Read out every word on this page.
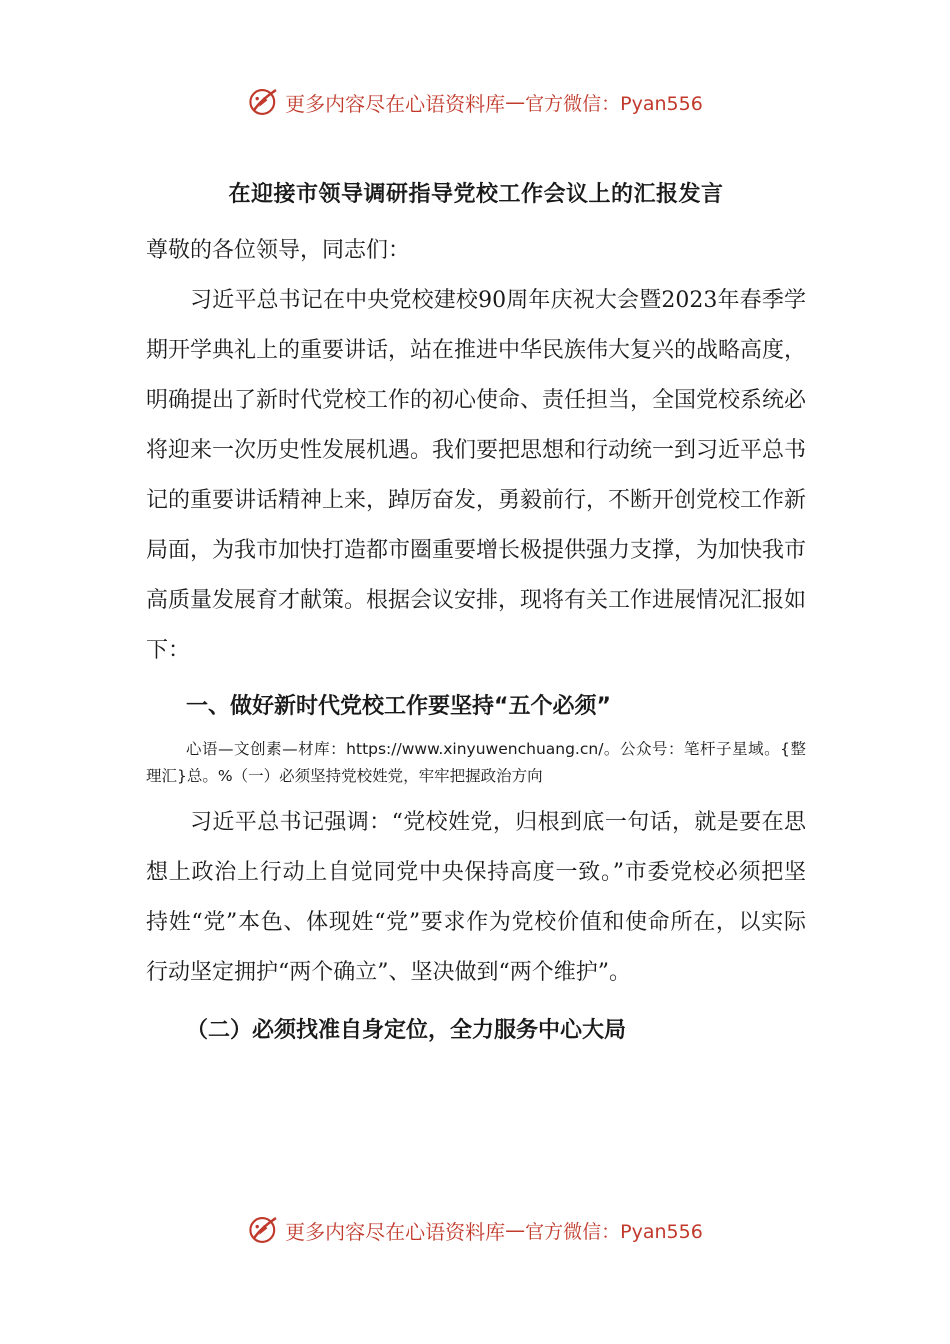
更多内容尽在心语资料库 — 官方微信：Pyan556
在迎接市领导调研指导党校工作会议上的汇报发言

尊敬的各位领导，同志们：

习近平总书记在中央党校建校90周年庆祝大会暨2023年春季学期开学典礼上的重要讲话，站在推进中华民族伟大复兴的战略高度，明确提出了新时代党校工作的初心使命、责任担当，全国党校系统必将迎来一次历史性发展机遇。我们要把思想和行动统一到习近平总书记的重要讲话精神上来，踔厉奋发，勇毅前行，不断开创党校工作新局面，为我市加快打造都市圈重要增长极提供强力支撑，为加快我市高质量发展育才献策。根据会议安排，现将有关工作进展情况汇报如下：

一、做好新时代党校工作要坚持“五个必须”

心语—文创素—材库：https://www.xinyuwenchuang.cn/。公众号：笔杆子星域。{整理汇}总。%（一）必须坚持党校姓党，牢牢把握政治方向

习近平总书记强调：“党校姓党，归根到底一句话，就是要在思想上政治上行动上自觉同党中央保持高度一致。”市委党校必须把坚持姓“党”本色、体现姓“党”要求作为党校价值和使命所在，以实际行动坚定拥护“两个确立”、坚决做到“两个维护”。

（二）必须找准自身定位，全力服务中心大局

更多内容尽在心语资料库 — 官方微信：Pyan556
